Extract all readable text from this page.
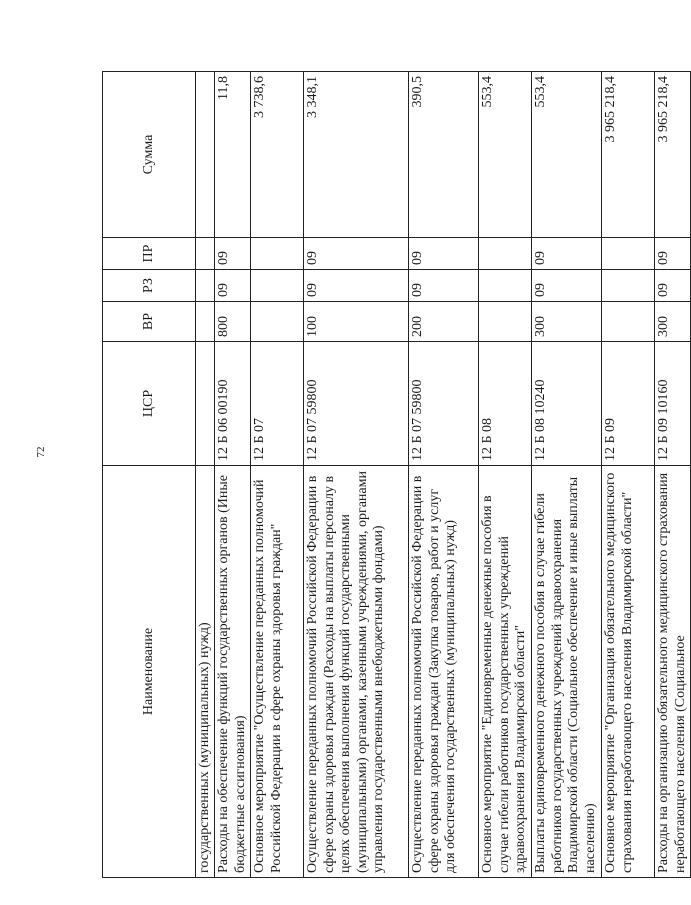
72
Наименование	ЦСР	ВР	РЗ	ПР	Сумма
государственных (муниципальных) нужд)					
Расходы на обеспечение функций государственных органов (Иные бюджетные ассигнования)	12 Б 06 00190	800	09	09	11,8
Основное мероприятие "Осуществление переданных полномочий Российской Федерации в сфере охраны здоровья граждан"	12 Б 07				3 738,6
Осуществление переданных полномочий Российской Федерации в сфере охраны здоровья граждан (Расходы на выплаты персоналу в целях обеспечения выполнения функций государственными (муниципальными) органами, казенными учреждениями, органами управления государственными внебюджетными фондами)	12 Б 07 59800	100	09	09	3 348,1
Осуществление переданных полномочий Российской Федерации в сфере охраны здоровья граждан (Закупка товаров, работ и услуг для обеспечения государственных (муниципальных) нужд)	12 Б 07 59800	200	09	09	390,5
Основное мероприятие "Единовременные денежные пособия в случае гибели работников государственных учреждений здравоохранения Владимирской области"	12 Б 08				553,4
Выплаты единовременного денежного пособия в случае гибели работников государственных учреждений здравоохранения Владимирской области (Социальное обеспечение и иные выплаты населению)	12 Б 08 10240	300	09	09	553,4
Основное мероприятие "Организация обязательного медицинского страхования неработающего населения Владимирской области"	12 Б 09				3 965 218,4
Расходы на организацию обязательного медицинского страхования неработающего населения (Социальное	12 Б 09 10160	300	09	09	3 965 218,4
